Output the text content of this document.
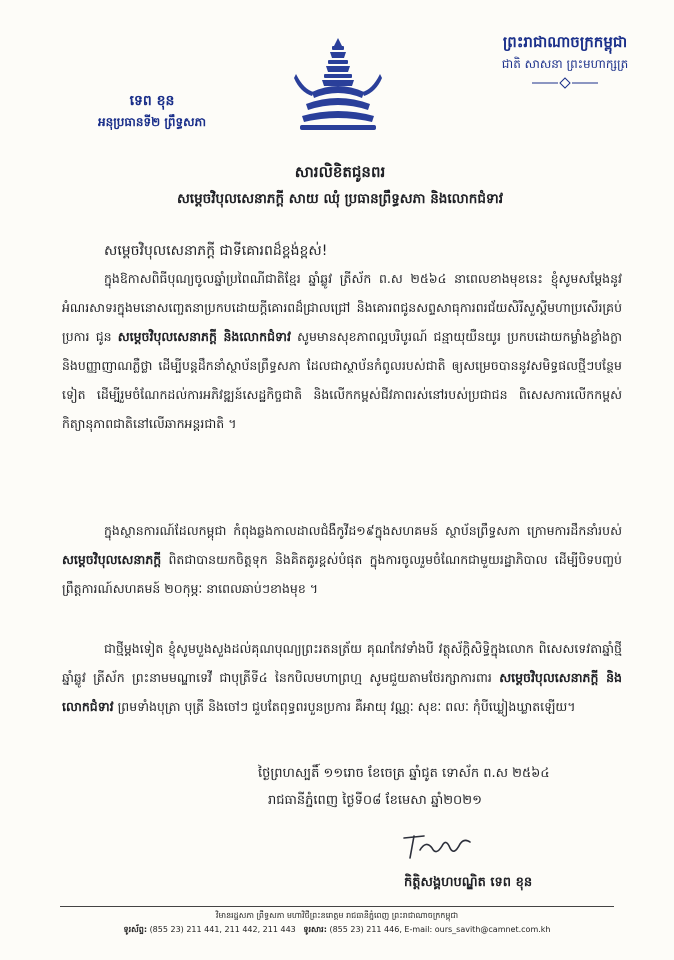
ព្រះរាជាណាចក្រកម្ពុជា
ជាតិ សាសនា ព្រះមហាក្សត្រ
ទេព ខុន
អនុប្រធានទី២ ព្រឹទ្ធសភា
សារលិខិតជូនពរ
សម្តេចវិបុលសេនាភក្តី សាយ ឈុំ ប្រធានព្រឹទ្ធសភា និងលោកជំទាវ
សម្តេចវិបុលសេនាភក្តី ជាទីគោរពដ៏ខ្ពង់ខ្ពស់!
ក្នុងឱកាសពិធីបុណ្យចូលឆ្នាំប្រពៃណីជាតិខ្មែរ ឆ្នាំឆ្លូវ ត្រីស័ក ព.ស ២៥៦៤ នាពេលខាងមុខនេះ ខ្ញុំសូមសម្តែងនូវអំណរសាទរក្នុងមនោសញ្ចេតនាប្រកបដោយក្តីគោរពដ៏ជ្រាលជ្រៅ និងគោរពជូនសព្ទសាធុការពរជ័យសិរីសួស្តីមហាប្រសើរគ្រប់ប្រការ ជូន សម្តេចវិបុលសេនាភក្តី និងលោកជំទាវ សូមមានសុខភាពល្អបរិបូរណ៍ ជន្មាយុយឺនយូរ ប្រកបដោយកម្លាំងខ្លាំងក្លា និងបញ្ញាញាណភ្លឺថ្លា ដើម្បីបន្តដឹកនាំស្ថាប័នព្រឹទ្ធសភា ដែលជាស្ថាប័នកំពូលរបស់ជាតិ ឲ្យសម្រេចបាននូវសមិទ្ធផលថ្មីៗបន្ថែមទៀត ដើម្បីរួមចំណែកដល់ការអភិវឌ្ឍន៍សេដ្ឋកិច្ចជាតិ និងលើកកម្ពស់ជីវភាពរស់នៅរបស់ប្រជាជន ពិសេសការលើកកម្ពស់កិត្យានុភាពជាតិនៅលើឆាកអន្តរជាតិ ។
ក្នុងស្ថានការណ៍ដែលកម្ពុជា កំពុងឆ្លងកាលដាលជំងឺកូវីដ១៩ក្នុងសហគមន៍ ស្ថាប័នព្រឹទ្ធសភា ក្រោមការដឹកនាំរបស់ សម្តេចវិបុលសេនាភក្តី ពិតជាបានយកចិត្តទុក និងគិតគូរខ្ពស់បំផុត ក្នុងការចូលរួមចំណែកជាមួយរដ្ឋាភិបាល ដើម្បីបិទបញ្ចប់ព្រឹត្តការណ៍សហគមន៍ ២០កុម្ភៈ នាពេលឆាប់ៗខាងមុខ ។
ជាថ្មីម្តងទៀត ខ្ញុំសូមបួងសួងដល់គុណបុណ្យព្រះរតនត្រ័យ គុណកែវទាំងបី វត្ថុស័ក្តិសិទ្ធិក្នុងលោក ពិសេសទេវតាឆ្នាំថ្មី ឆ្នាំឆ្លូវ ត្រីស័ក ព្រះនាមមណ្ឌាទេវី ជាបុត្រីទី៤ នៃកបិលមហាព្រហ្ម សូមជួយតាមថែរក្សាការពារ សម្តេចវិបុលសេនាភក្តី និងលោកជំទាវ ព្រមទាំងបុត្រា បុត្រី និងចៅៗ ជួបតែពុទ្ធពរបួនប្រការ គឺអាយុ វណ្ណៈ សុខៈ ពលៈ កុំបីឃ្លៀងឃ្លាតឡើយ។
ថ្ងៃព្រហស្បតិ៍ ១១រោច ខែចេត្រ ឆ្នាំជូត ទោស័ក ព.ស ២៥៦៤
រាជធានីភ្នំពេញ ថ្ងៃទី០៨ ខែមេសា ឆ្នាំ២០២១
កិត្តិសង្គហបណ្ឌិត ទេព ខុន
វិមានរដ្ឋសភា ព្រឹទ្ធសភា មហាវិថីព្រះនរោត្តម រាជធានីភ្នំពេញ ព្រះរាជាណាចក្រកម្ពុជា
ទូរស័ព្ទ: (855 23) 211 441, 211 442, 211 443 ទូរសារ: (855 23) 211 446, E-mail: ours_savith@camnet.com.kh
